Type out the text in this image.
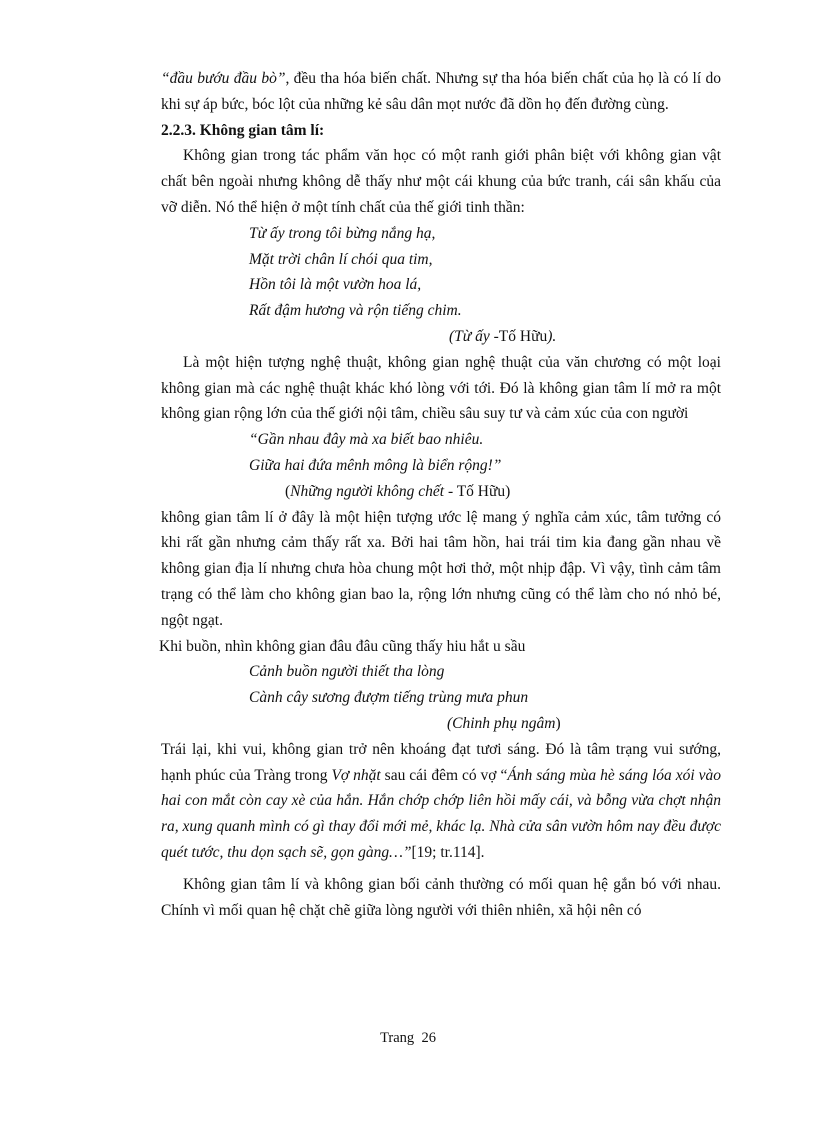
“đầu bướu đầu bò”, đều tha hóa biến chất. Nhưng sự tha hóa biến chất của họ là có lí do khi sự áp bức, bóc lột của những kẻ sâu dân mọt nước đã dồn họ đến đường cùng.

2.2.3. Không gian tâm lí:

Không gian trong tác phẩm văn học có một ranh giới phân biệt với không gian vật chất bên ngoài nhưng không dễ thấy như một cái khung của bức tranh, cái sân khấu của vỡ diễn. Nó thể hiện ở một tính chất của thế giới tinh thần:

Từ ấy trong tôi bừng nắng hạ,
Mặt trời chân lí chói qua tim,
Hồn tôi là một vườn hoa lá,
Rất đậm hương và rộn tiếng chim.
(Từ ấy -Tố Hữu).

Là một hiện tượng nghệ thuật, không gian nghệ thuật của văn chương có một loại không gian mà các nghệ thuật khác khó lòng với tới. Đó là không gian tâm lí mở ra một không gian rộng lớn của thế giới nội tâm, chiều sâu suy tư và cảm xúc của con người

“Gần nhau đây mà xa biết bao nhiêu.
Giữa hai đứa mênh mông là biển rộng!”
(Những người không chết - Tố Hữu)

không gian tâm lí ở đây là một hiện tượng ước lệ mang ý nghĩa cảm xúc, tâm tưởng có khi rất gần nhưng cảm thấy rất xa. Bởi hai tâm hồn, hai trái tim kia đang gần nhau về không gian địa lí nhưng chưa hòa chung một hơi thở, một nhịp đập. Vì vậy, tình cảm tâm trạng có thể làm cho không gian bao la, rộng lớn nhưng cũng có thể làm cho nó nhỏ bé, ngột ngạt.

Khi buồn, nhìn không gian đâu đâu cũng thấy hiu hắt u sầu

Cảnh buồn người thiết tha lòng
Cành cây sương đượm tiếng trùng mưa phun
(Chinh phụ ngâm)

Trái lại, khi vui, không gian trở nên khoáng đạt tươi sáng. Đó là tâm trạng vui sướng, hạnh phúc của Tràng trong Vợ nhặt sau cái đêm có vợ “Ánh sáng mùa hè sáng lóa xói vào hai con mắt còn cay xè của hắn. Hắn chớp chớp liên hồi mấy cái, và bỗng vừa chợt nhận ra, xung quanh mình có gì thay đổi mới mẻ, khác lạ. Nhà cửa sân vườn hôm nay đều được quét tước, thu dọn sạch sẽ, gọn gàng…”[19; tr.114].

Không gian tâm lí và không gian bối cảnh thường có mối quan hệ gắn bó với nhau. Chính vì mối quan hệ chặt chẽ giữa lòng người với thiên nhiên, xã hội nên có

Trang 26
